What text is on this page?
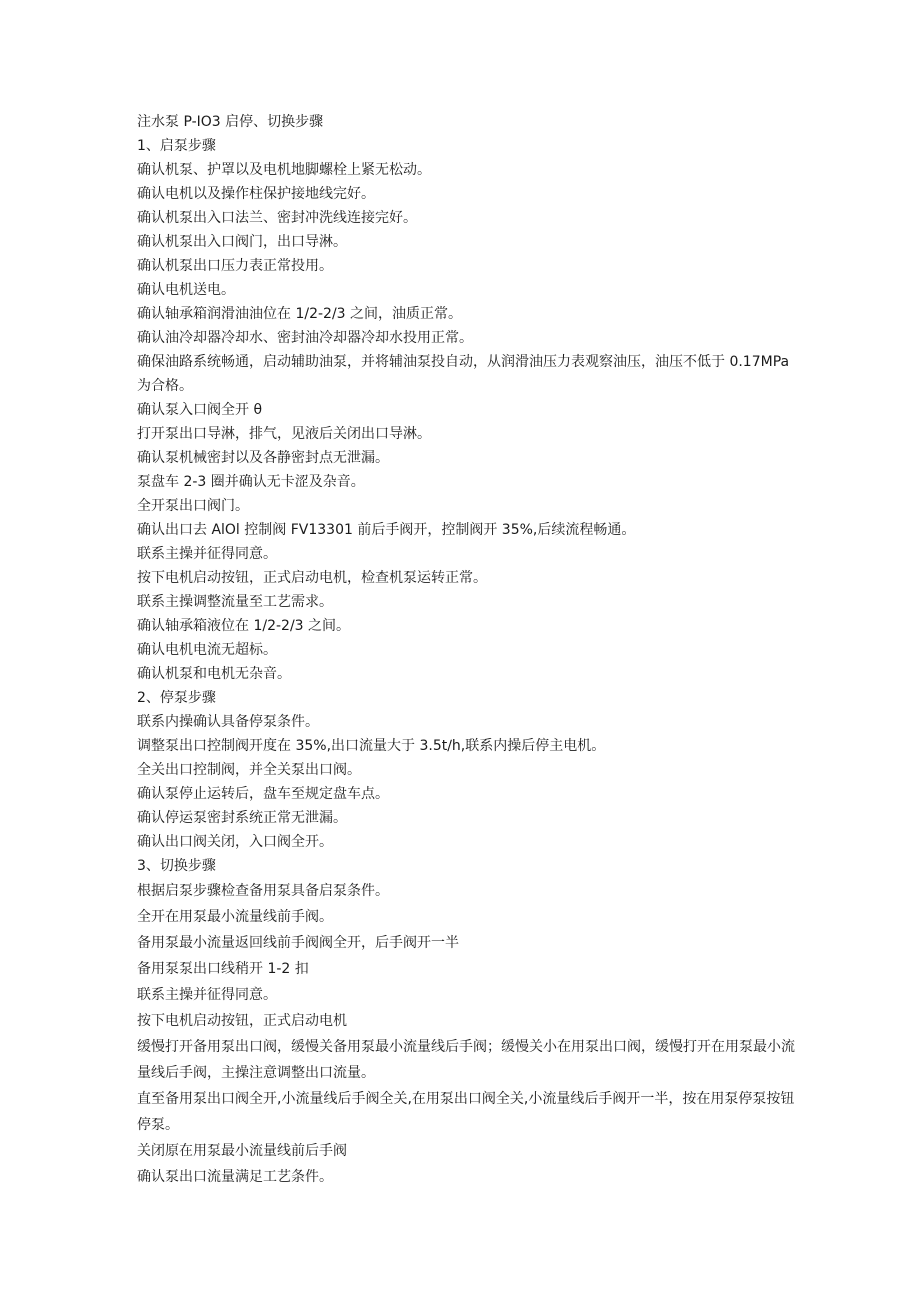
注水泵 P-IO3 启停、切换步骤
1、启泵步骤
确认机泵、护罩以及电机地脚螺栓上紧无松动。
确认电机以及操作柱保护接地线完好。
确认机泵出入口法兰、密封冲洗线连接完好。
确认机泵出入口阀门，出口导淋。
确认机泵出口压力表正常投用。
确认电机送电。
确认轴承箱润滑油油位在 1/2-2/3 之间，油质正常。
确认油冷却器冷却水、密封油冷却器冷却水投用正常。
确保油路系统畅通，启动辅助油泵，并将辅油泵投自动，从润滑油压力表观察油压，油压不低于 0.17MPa 为合格。
确认泵入口阀全开 θ
打开泵出口导淋，排气，见液后关闭出口导淋。
确认泵机械密封以及各静密封点无泄漏。
泵盘车 2-3 圈并确认无卡涩及杂音。
全开泵出口阀门。
确认出口去 AlOl 控制阀 FV13301 前后手阀开，控制阀开 35%,后续流程畅通。
联系主操并征得同意。
按下电机启动按钮，正式启动电机，检查机泵运转正常。
联系主操调整流量至工艺需求。
确认轴承箱液位在 1/2-2/3 之间。
确认电机电流无超标。
确认机泵和电机无杂音。
2、停泵步骤
联系内操确认具备停泵条件。
调整泵出口控制阀开度在 35%,出口流量大于 3.5t∕h,联系内操后停主电机。
全关出口控制阀，并全关泵出口阀。
确认泵停止运转后，盘车至规定盘车点。
确认停运泵密封系统正常无泄漏。
确认出口阀关闭，入口阀全开。
3、切换步骤
根据启泵步骤检查备用泵具备启泵条件。
全开在用泵最小流量线前手阀。
备用泵最小流量返回线前手阀阀全开，后手阀开一半
备用泵泵出口线稍开 1-2 扣
联系主操并征得同意。
按下电机启动按钮，正式启动电机
缓慢打开备用泵出口阀，缓慢关备用泵最小流量线后手阀；缓慢关小在用泵出口阀，缓慢打开在用泵最小流量线后手阀，主操注意调整出口流量。
直至备用泵出口阀全开,小流量线后手阀全关,在用泵出口阀全关,小流量线后手阀开一半，按在用泵停泵按钮停泵。
关闭原在用泵最小流量线前后手阀
确认泵出口流量满足工艺条件。
